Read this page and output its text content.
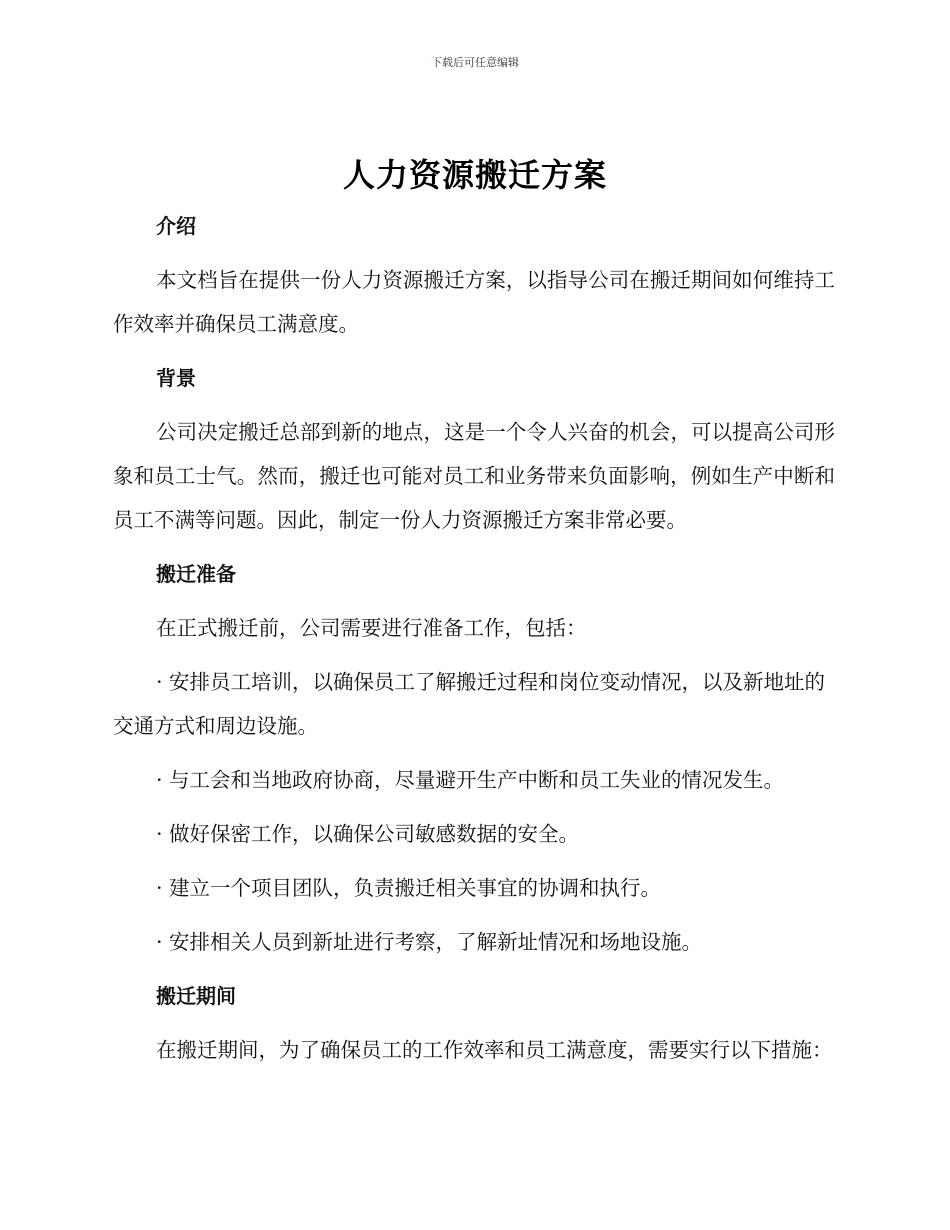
下载后可任意编辑
人力资源搬迁方案
介绍
本文档旨在提供一份人力资源搬迁方案，以指导公司在搬迁期间如何维持工作效率并确保员工满意度。
背景
公司决定搬迁总部到新的地点，这是一个令人兴奋的机会，可以提高公司形象和员工士气。然而，搬迁也可能对员工和业务带来负面影响，例如生产中断和员工不满等问题。因此，制定一份人力资源搬迁方案非常必要。
搬迁准备
在正式搬迁前，公司需要进行准备工作，包括：
· 安排员工培训，以确保员工了解搬迁过程和岗位变动情况，以及新地址的交通方式和周边设施。
· 与工会和当地政府协商，尽量避开生产中断和员工失业的情况发生。
· 做好保密工作，以确保公司敏感数据的安全。
· 建立一个项目团队，负责搬迁相关事宜的协调和执行。
· 安排相关人员到新址进行考察，了解新址情况和场地设施。
搬迁期间
在搬迁期间，为了确保员工的工作效率和员工满意度，需要实行以下措施：
